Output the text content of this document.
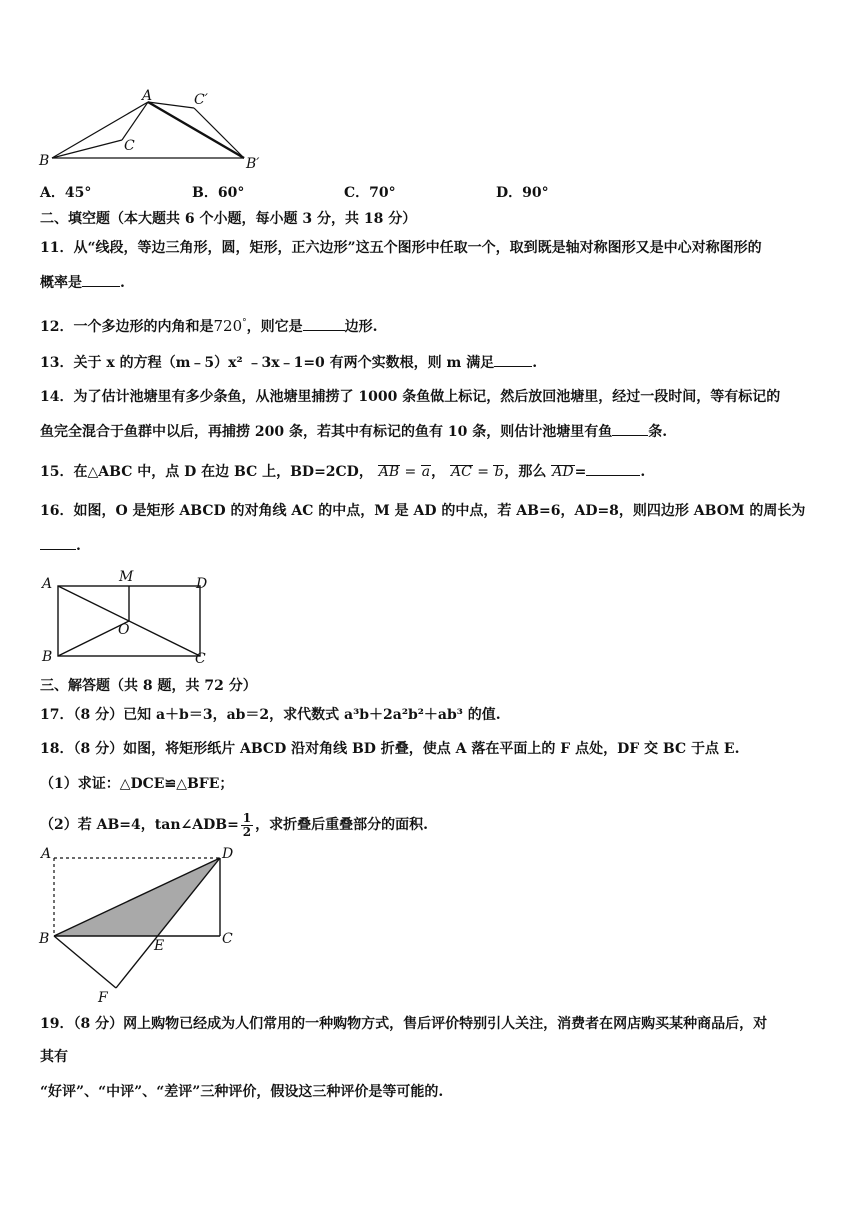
A	C′
C
B	B′
A．45°	B．60°	C．70°	D．90°
二、填空题（本大题共 6 个小题，每小题 3 分，共 18 分）
11．从“线段，等边三角形，圆，矩形，正六边形”这五个图形中任取一个，取到既是轴对称图形又是中心对称图形的
概率是	.
12．一个多边形的内角和是720°，则它是	边形.
13．关于 x 的方程（m﹣5）x² ﹣3x﹣1=0 有两个实数根，则 m 满足	.
14．为了估计池塘里有多少条鱼，从池塘里捕捞了 1000 条鱼做上标记，然后放回池塘里，经过一段时间，等有标记的
鱼完全混合于鱼群中以后，再捕捞 200 条，若其中有标记的鱼有 10 条，则估计池塘里有鱼	条.
15．在△ABC 中，点 D 在边 BC 上，BD=2CD， AB = a， AC = b，那么 AD=	.
16．如图，O 是矩形 ABCD 的对角线 AC 的中点，M 是 AD 的中点，若 AB=6，AD=8，则四边形 ABOM 的周长为
.
A	M	D
O
B	C
三、解答题（共 8 题，共 72 分）
17．（8 分）已知 a＋b＝3，ab＝2，求代数式 a³b＋2a²b²＋ab³ 的值.
18．（8 分）如图，将矩形纸片 ABCD 沿对角线 BD 折叠，使点 A 落在平面上的 F 点处，DF 交 BC 于点 E.
（1）求证：△DCE≌△BFE；
（2）若 AB=4，tan∠ADB= $\frac{1}{2}$ ，求折叠后重叠部分的面积.
A	D
B	E	C
F
19．（8 分）网上购物已经成为人们常用的一种购物方式，售后评价特别引人关注，消费者在网店购买某种商品后，对
其有
“好评”、“中评”、“差评”三种评价，假设这三种评价是等可能的.
